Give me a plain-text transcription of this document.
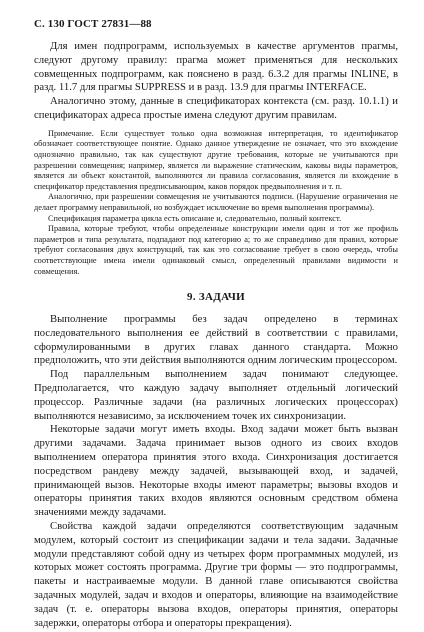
С. 130 ГОСТ 27831—88

Для имен подпрограмм, используемых в качестве аргументов прагмы, следуют другому правилу: прагма может применяться для нескольких совмещенных подпрограмм, как пояснено в разд. 6.3.2 для прагмы INLINE, в разд. 11.7 для прагмы SUPPRESS и в разд. 13.9 для прагмы INTERFACE.

Аналогично этому, данные в спецификаторах контекста (см. разд. 10.1.1) и спецификаторах адреса простые имена следуют другим правилам.

Примечание. Если существует только одна возможная интерпретация, то идентификатор обозначает соответствующее понятие. Однако данное утверждение не означает, что это вхождение однозначно правильно, так как существуют другие требования, которые не учитываются при разрешении совмещения; например, является ли выражение статическим, каковы виды параметров, является ли объект константой, выполняются ли правила согласования, является ли вхождение в спецификатор представления предписывающим, каков порядок предвыполнения и т. п.

Аналогично, при разрешении совмещения не учитываются подписи. (Нарушение ограничения не делает программу неправильной, но возбуждает исключение во время выполнения программы).

Спецификация параметра цикла есть описание и, следовательно, полный контекст.

Правила, которые требуют, чтобы определенные конструкции имели один и тот же профиль параметров и типа результата, подпадают под категорию а; то же справедливо для правил, которые требуют согласования двух конструкций, так как это согласование требует в свою очередь, чтобы соответствующие имена имели одинаковый смысл, определенный правилами видимости и совмещения.

9. ЗАДАЧИ

Выполнение программы без задач определено в терминах последовательного выполнения ее действий в соответствии с правилами, сформулированными в других главах данного стандарта. Можно предположить, что эти действия выполняются одним логическим процессором.

Под параллельным выполнением задач понимают следующее. Предполагается, что каждую задачу выполняет отдельный логический процессор. Различные задачи (на различных логических процессорах) выполняются независимо, за исключением точек их синхронизации.

Некоторые задачи могут иметь входы. Вход задачи может быть вызван другими задачами. Задача принимает вызов одного из своих входов выполнением оператора принятия этого входа. Синхронизация достигается посредством рандеву между задачей, вызывающей вход, и задачей, принимающей вызов. Некоторые входы имеют параметры; вызовы входов и операторы принятия таких входов являются основным средством обмена значениями между задачами.

Свойства каждой задачи определяются соответствующим задачным модулем, который состоит из спецификации задачи и тела задачи. Задачные модули представляют собой одну из четырех форм программных модулей, из которых может состоять программа. Другие три формы — это подпрограммы, пакеты и настраиваемые модули. В данной главе описываются свойства задачных модулей, задач и входов и операторы, влияющие на взаимодействие задач (т. е. операторы вызова входов, операторы принятия, операторы задержки, операторы отбора и операторы прекращения).
